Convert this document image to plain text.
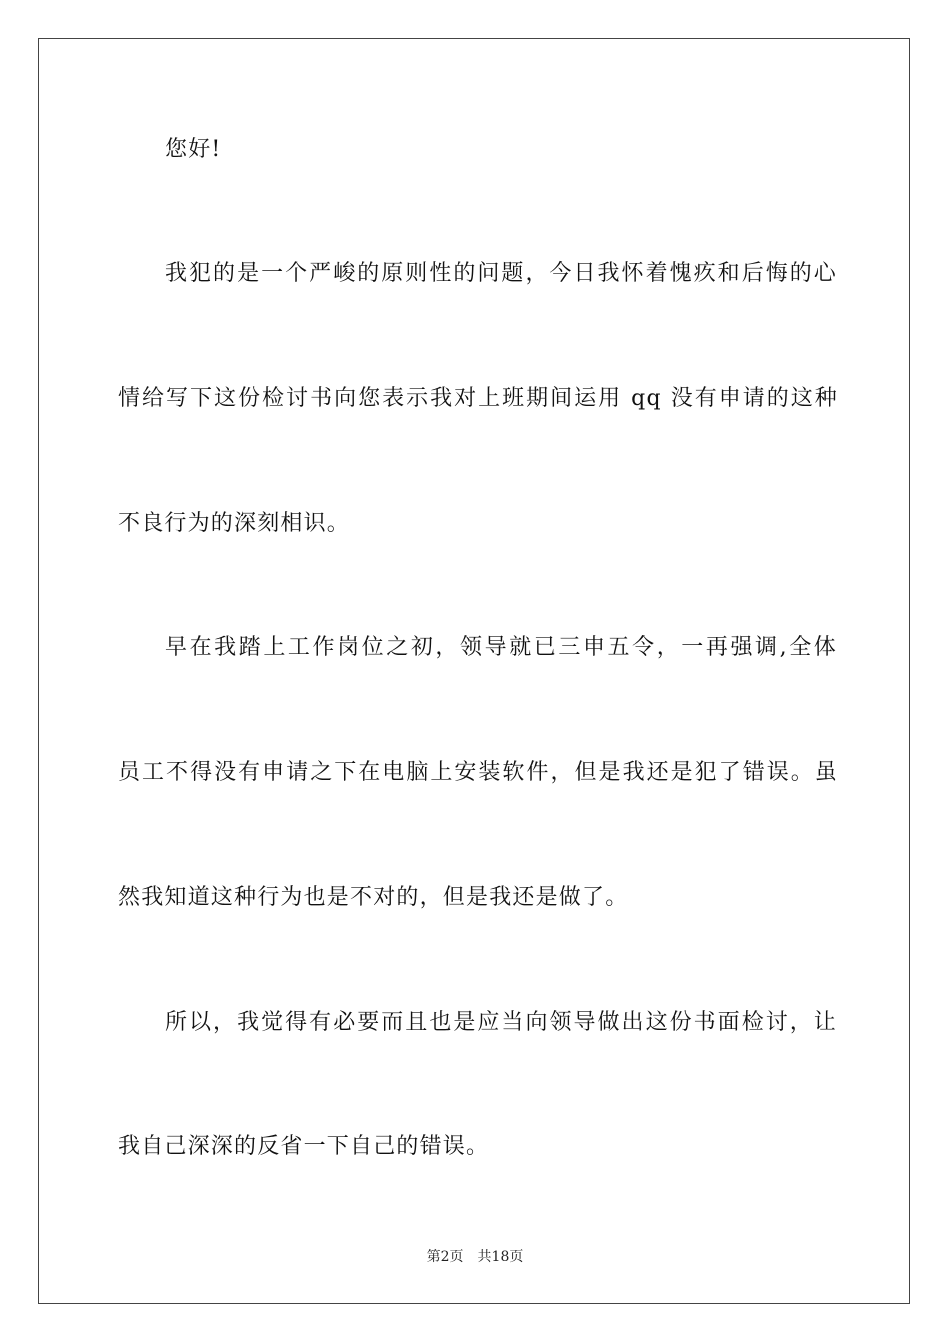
您好!
我犯的是一个严峻的原则性的问题，今日我怀着愧疚和后悔的心
情给写下这份检讨书向您表示我对上班期间运用 qq 没有申请的这种
不良行为的深刻相识。
早在我踏上工作岗位之初，领导就已三申五令，一再强调,全体
员工不得没有申请之下在电脑上安装软件，但是我还是犯了错误。虽
然我知道这种行为也是不对的，但是我还是做了。
所以，我觉得有必要而且也是应当向领导做出这份书面检讨，让
我自己深深的反省一下自己的错误。
第2页 共18页
